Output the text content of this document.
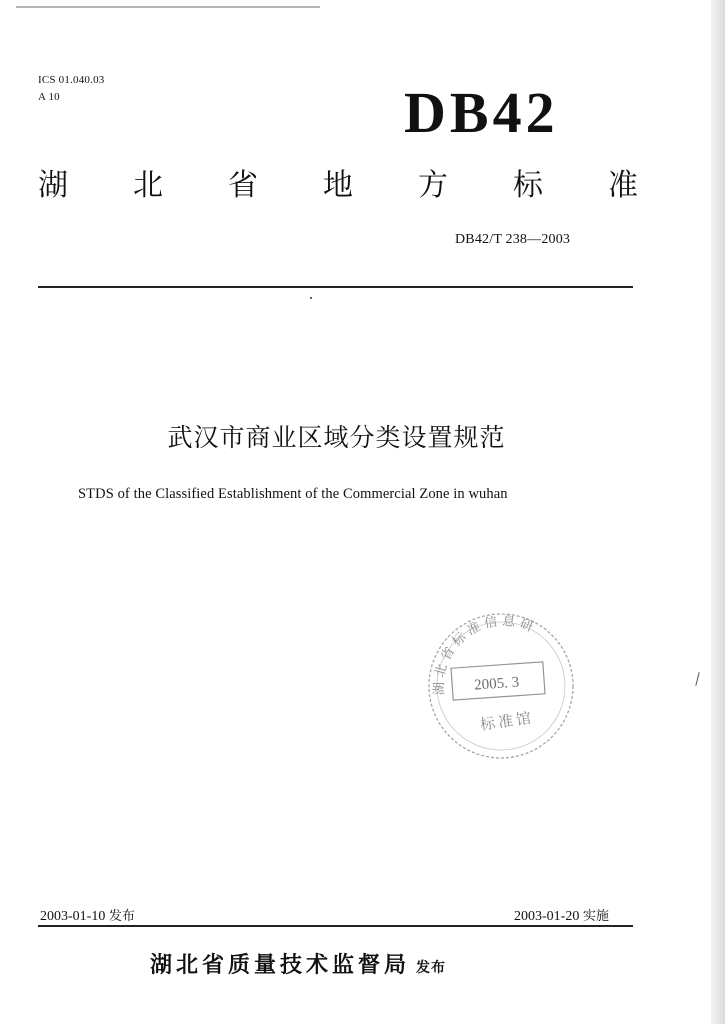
ICS 01.040.03
A 10	DB42
湖 北 省 地 方 标 准
DB42/T 238—2003
武汉市商业区域分类设置规范
STDS of the Classified Establishment of the Commercial Zone in wuhan
湖北省标准信息研
2005. 3
标准馆
2003-01-10 发布	2003-01-20 实施
湖北省质量技术监督局 发布
